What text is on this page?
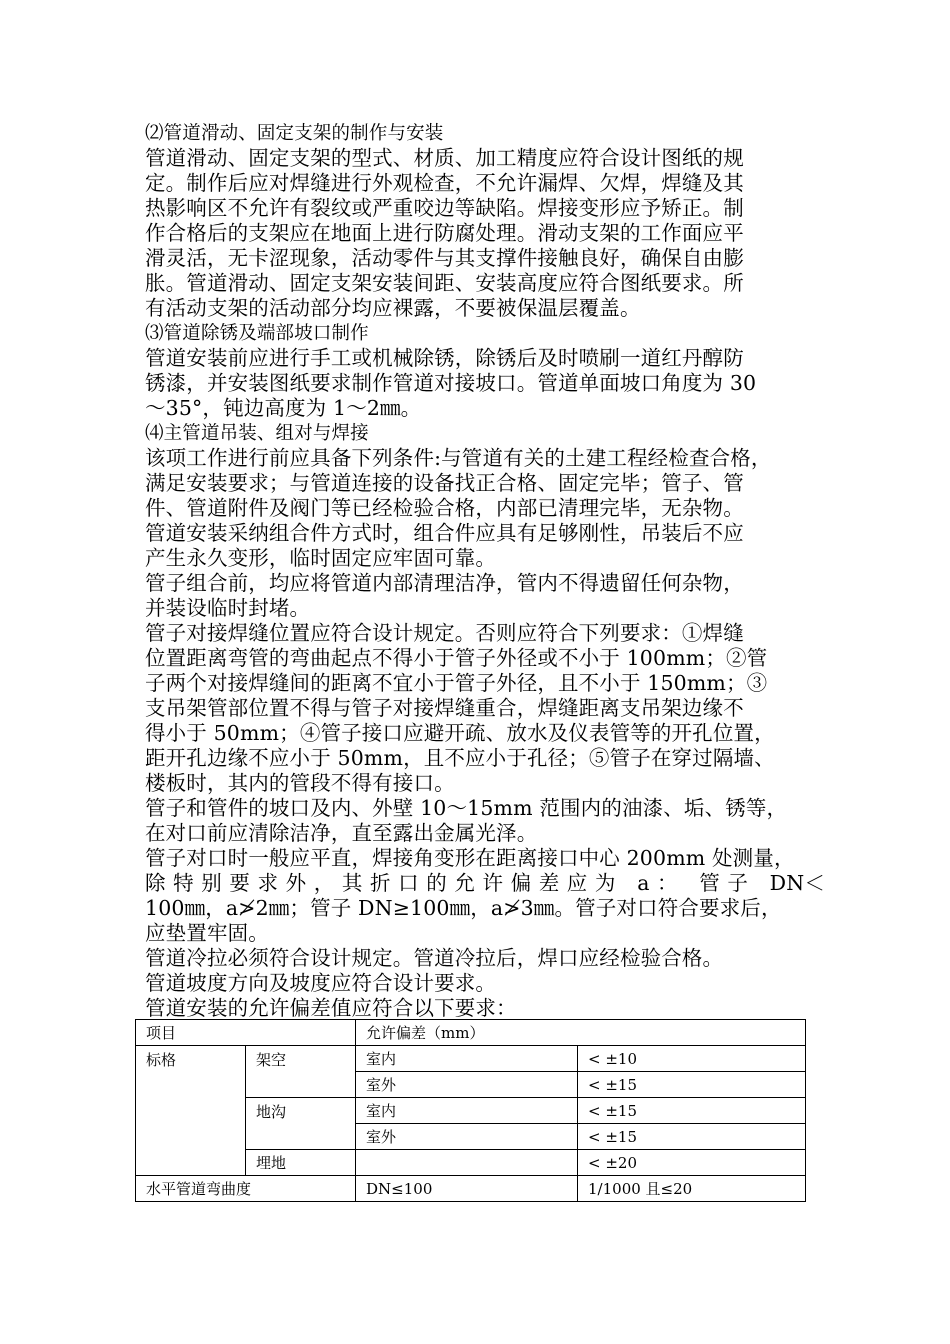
⑵管道滑动、固定支架的制作与安装
管道滑动、固定支架的型式、材质、加工精度应符合设计图纸的规
定。制作后应对焊缝进行外观检查，不允许漏焊、欠焊，焊缝及其
热影响区不允许有裂纹或严重咬边等缺陷。焊接变形应予矫正。制
作合格后的支架应在地面上进行防腐处理。滑动支架的工作面应平
滑灵活，无卡涩现象，活动零件与其支撑件接触良好，确保自由膨
胀。管道滑动、固定支架安装间距、安装高度应符合图纸要求。所
有活动支架的活动部分均应裸露，不要被保温层覆盖。
⑶管道除锈及端部坡口制作
管道安装前应进行手工或机械除锈，除锈后及时喷刷一道红丹醇防
锈漆，并安装图纸要求制作管道对接坡口。管道单面坡口角度为 30
～35°，钝边高度为 1～2㎜。
⑷主管道吊装、组对与焊接
该项工作进行前应具备下列条件:与管道有关的土建工程经检查合格，
满足安装要求；与管道连接的设备找正合格、固定完毕；管子、管
件、管道附件及阀门等已经检验合格，内部已清理完毕，无杂物。
管道安装采纳组合件方式时，组合件应具有足够刚性，吊装后不应
产生永久变形，临时固定应牢固可靠。
管子组合前，均应将管道内部清理洁净，管内不得遗留任何杂物，
并装设临时封堵。
管子对接焊缝位置应符合设计规定。否则应符合下列要求：①焊缝
位置距离弯管的弯曲起点不得小于管子外径或不小于 100mm；②管
子两个对接焊缝间的距离不宜小于管子外径，且不小于 150mm；③
支吊架管部位置不得与管子对接焊缝重合，焊缝距离支吊架边缘不
得小于 50mm；④管子接口应避开疏、放水及仪表管等的开孔位置，
距开孔边缘不应小于 50mm，且不应小于孔径；⑤管子在穿过隔墙、
楼板时，其内的管段不得有接口。
管子和管件的坡口及内、外壁 10～15mm 范围内的油漆、垢、锈等，
在对口前应清除洁净，直至露出金属光泽。
管子对口时一般应平直，焊接角变形在距离接口中心 200mm 处测量，
除特别要求外，其折口的允许偏差应为 a： 管子 DN＜
100㎜，a≯2㎜；管子 DN≥100㎜，a≯3㎜。管子对口符合要求后，
应垫置牢固。
管道冷拉必须符合设计规定。管道冷拉后，焊口应经检验合格。
管道坡度方向及坡度应符合设计要求。
管道安装的允许偏差值应符合以下要求：
项目		允许偏差（mm）	
标格	架空	室内	< ±10
		室外	< ±15
	地沟	室内	< ±15
		室外	< ±15
	埋地		< ±20
水平管道弯曲度		DN≤100	1/1000 且≤20
